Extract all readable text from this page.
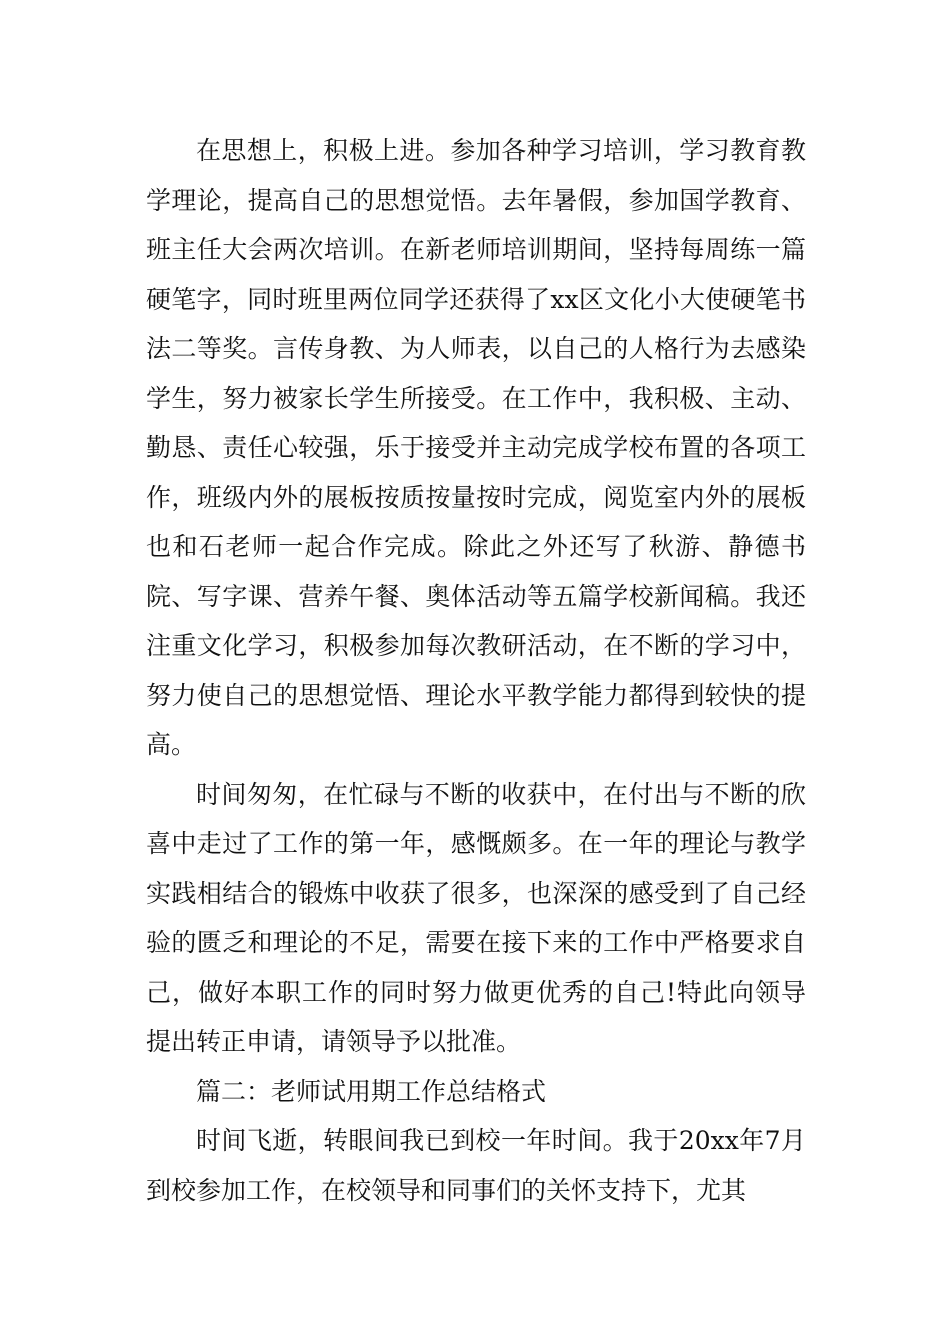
在思想上，积极上进。参加各种学习培训，学习教育教学理论，提高自己的思想觉悟。去年暑假，参加国学教育、班主任大会两次培训。在新老师培训期间，坚持每周练一篇硬笔字，同时班里两位同学还获得了xx区文化小大使硬笔书法二等奖。言传身教、为人师表，以自己的人格行为去感染学生，努力被家长学生所接受。在工作中，我积极、主动、勤恳、责任心较强，乐于接受并主动完成学校布置的各项工作，班级内外的展板按质按量按时完成，阅览室内外的展板也和石老师一起合作完成。除此之外还写了秋游、静德书院、写字课、营养午餐、奥体活动等五篇学校新闻稿。我还注重文化学习，积极参加每次教研活动，在不断的学习中，努力使自己的思想觉悟、理论水平教学能力都得到较快的提高。

时间匆匆，在忙碌与不断的收获中，在付出与不断的欣喜中走过了工作的第一年，感慨颇多。在一年的理论与教学实践相结合的锻炼中收获了很多，也深深的感受到了自己经验的匮乏和理论的不足，需要在接下来的工作中严格要求自己，做好本职工作的同时努力做更优秀的自己!特此向领导提出转正申请，请领导予以批准。

篇二：老师试用期工作总结格式

时间飞逝，转眼间我已到校一年时间。我于20xx年7月到校参加工作，在校领导和同事们的关怀支持下，尤其
